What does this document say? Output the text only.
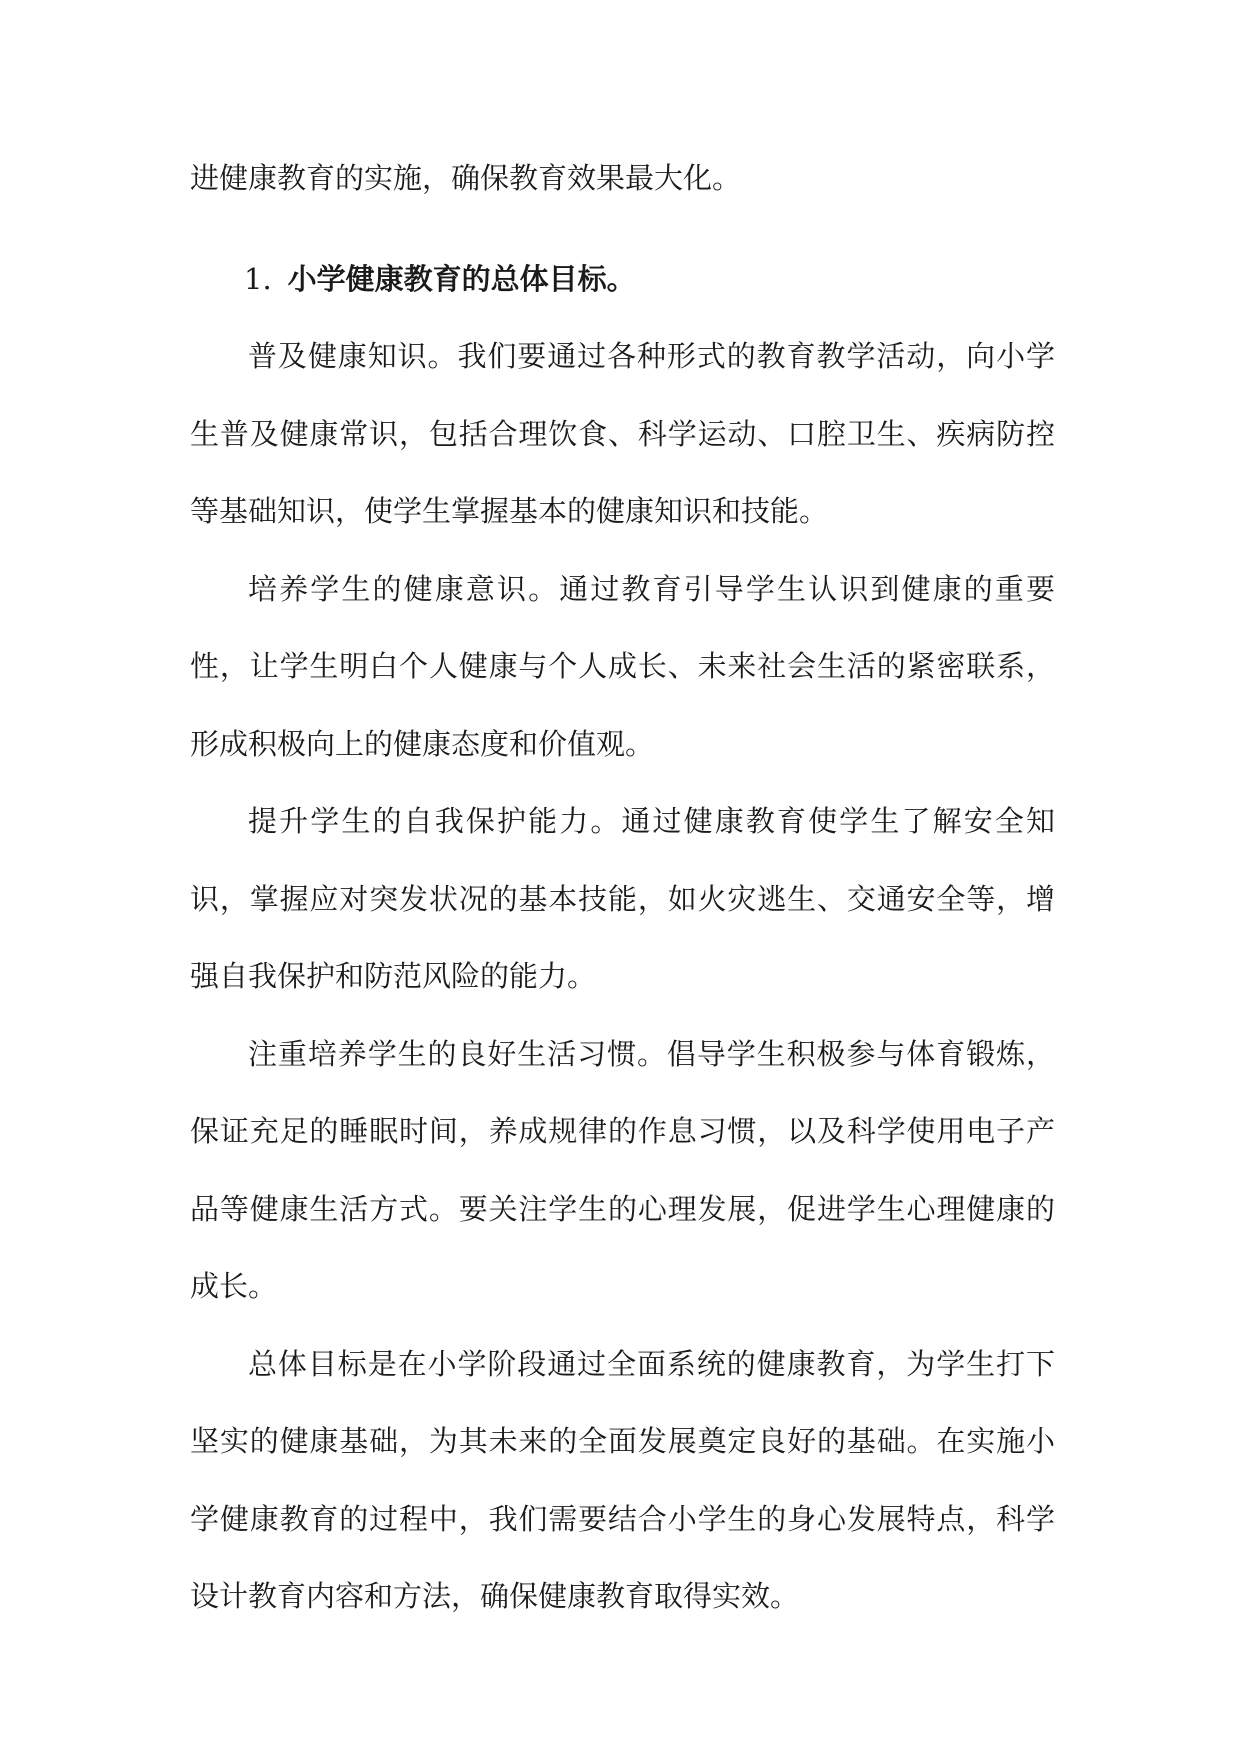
进健康教育的实施，确保教育效果最大化。

1. 小学健康教育的总体目标。

普及健康知识。我们要通过各种形式的教育教学活动，向小学生普及健康常识，包括合理饮食、科学运动、口腔卫生、疾病防控等基础知识，使学生掌握基本的健康知识和技能。

培养学生的健康意识。通过教育引导学生认识到健康的重要性，让学生明白个人健康与个人成长、未来社会生活的紧密联系，形成积极向上的健康态度和价值观。

提升学生的自我保护能力。通过健康教育使学生了解安全知识，掌握应对突发状况的基本技能，如火灾逃生、交通安全等，增强自我保护和防范风险的能力。

注重培养学生的良好生活习惯。倡导学生积极参与体育锻炼，保证充足的睡眠时间，养成规律的作息习惯，以及科学使用电子产品等健康生活方式。要关注学生的心理发展，促进学生心理健康的成长。

总体目标是在小学阶段通过全面系统的健康教育，为学生打下坚实的健康基础，为其未来的全面发展奠定良好的基础。在实施小学健康教育的过程中，我们需要结合小学生的身心发展特点，科学设计教育内容和方法，确保健康教育取得实效。
